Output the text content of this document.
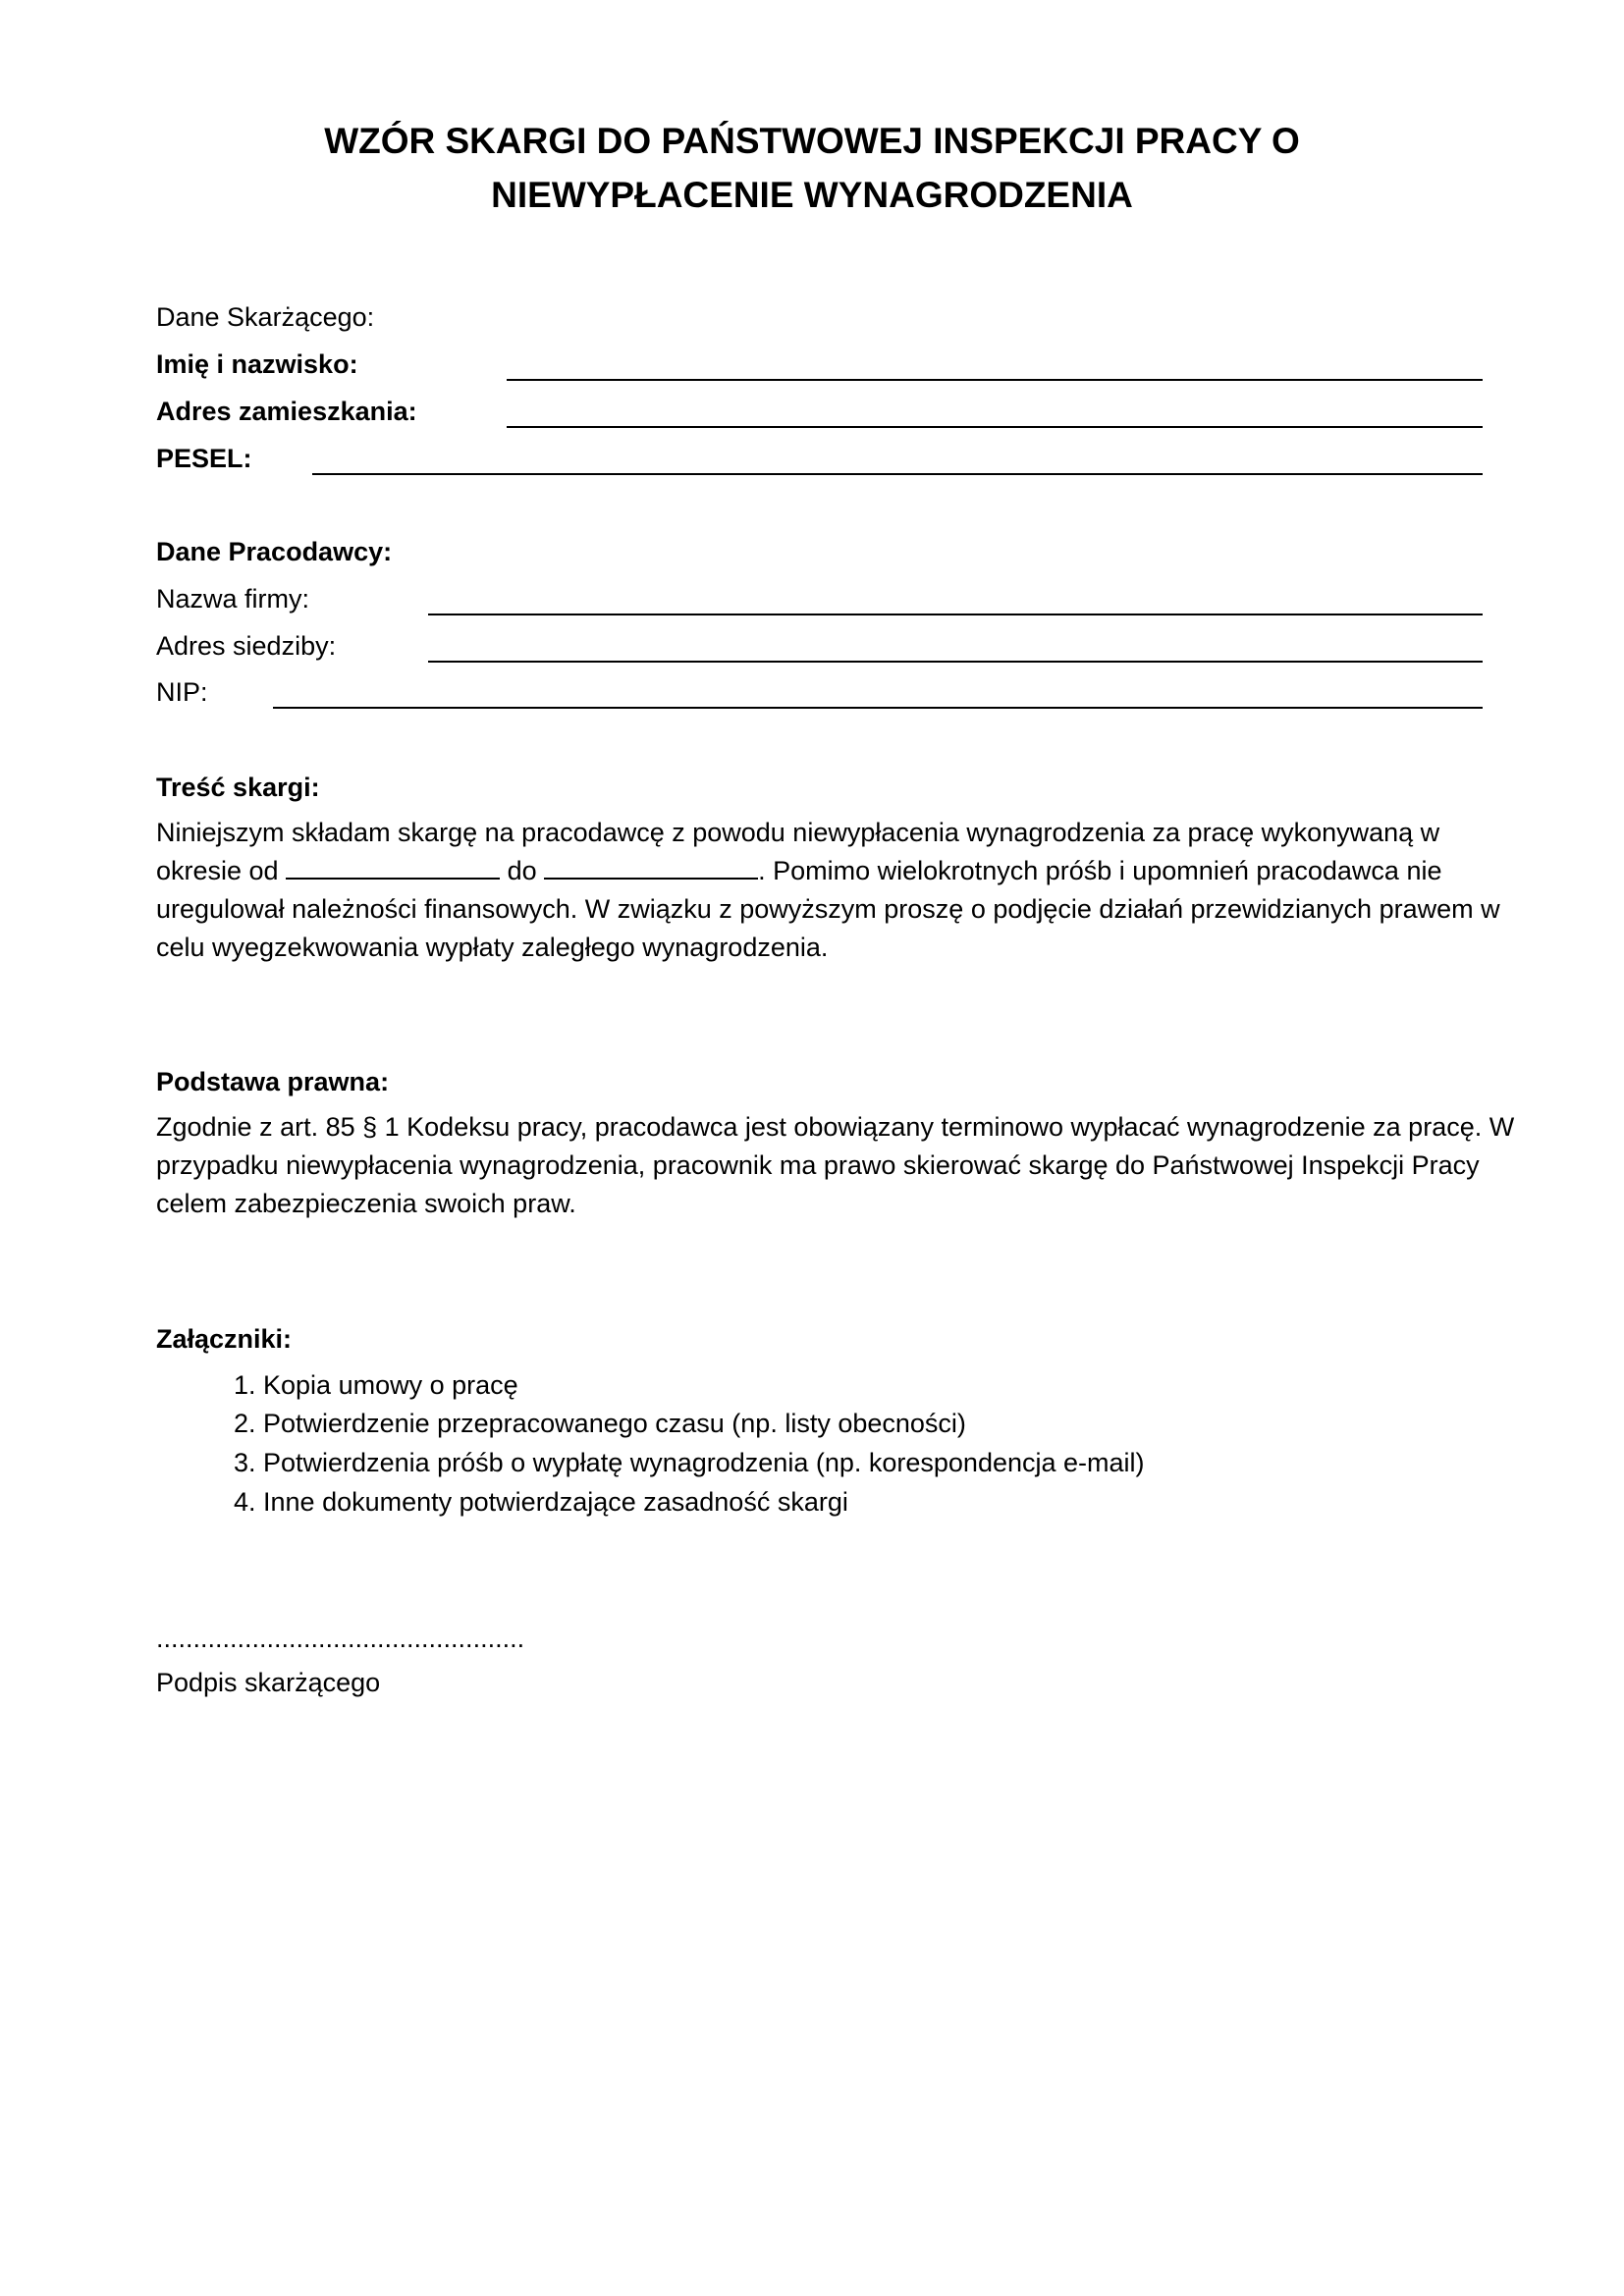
WZÓR SKARGI DO PAŃSTWOWEJ INSPEKCJI PRACY O
NIEWYPŁACENIE WYNAGRODZENIA
Dane Skarżącego:
Imię i nazwisko:
Adres zamieszkania:
PESEL:
Dane Pracodawcy:
Nazwa firmy:
Adres siedziby:
NIP:
Treść skargi:
Niniejszym składam skargę na pracodawcę z powodu niewypłacenia wynagrodzenia za pracę wykonywaną w okresie od	do	. Pomimo wielokrotnych próśb i upomnień pracodawca nie uregulował należności finansowych. W związku z powyższym proszę o podjęcie działań przewidzianych prawem w celu wyegzekwowania wypłaty zaległego wynagrodzenia.
Podstawa prawna:
Zgodnie z art. 85 § 1 Kodeksu pracy, pracodawca jest obowiązany terminowo wypłacać wynagrodzenie za pracę. W przypadku niewypłacenia wynagrodzenia, pracownik ma prawo skierować skargę do Państwowej Inspekcji Pracy celem zabezpieczenia swoich praw.
Załączniki:
1. Kopia umowy o pracę
2. Potwierdzenie przepracowanego czasu (np. listy obecności)
3. Potwierdzenia próśb o wypłatę wynagrodzenia (np. korespondencja e-mail)
4. Inne dokumenty potwierdzające zasadność skargi
..................................................
Podpis skarżącego
